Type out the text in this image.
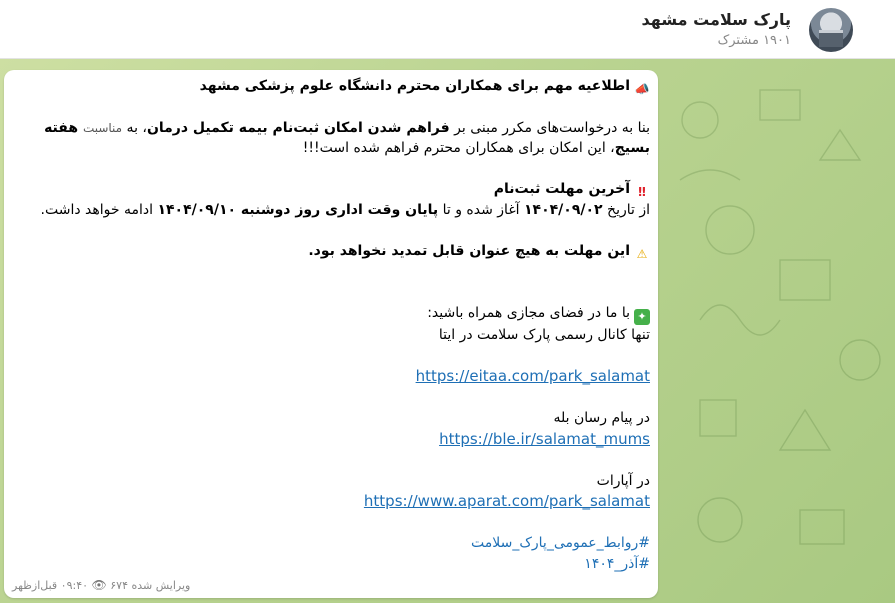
پارک سلامت مشهد
۱۹۰۱ مشترک

📣اطلاعیه مهم برای همکاران محترم دانشگاه علوم پزشکی مشهد

بنا به درخواست‌های مکرر مبنی بر فراهم شدن امکان ثبت‌نام بیمه تکمیل درمان، به مناسبت هفته بسیج، این امکان برای همکاران محترم فراهم شده است!!!

‼آخرین مهلت ثبت‌نام

از تاریخ ۱۴۰۴/۰۹/۰۲ آغاز شده و تا پایان وقت اداری روز دوشنبه ۱۴۰۴/۰۹/۱۰ ادامه خواهد داشت.

⚠این مهلت به هیچ عنوان قابل تمدید نخواهد بود.

✦با ما در فضای مجازی همراه باشید:

تنها کانال رسمی پارک سلامت در ایتا

https://eitaa.com/park_salamat

در پیام رسان بله

https://ble.ir/salamat_mums

در آپارات

https://www.aparat.com/park_salamat

#روابط_عمومی_پارک_سلامت

#آذر_۱۴۰۴

ویرایش شده ۶۷۴ 👁 ۰۹:۴۰ قبل‌ازظهر
